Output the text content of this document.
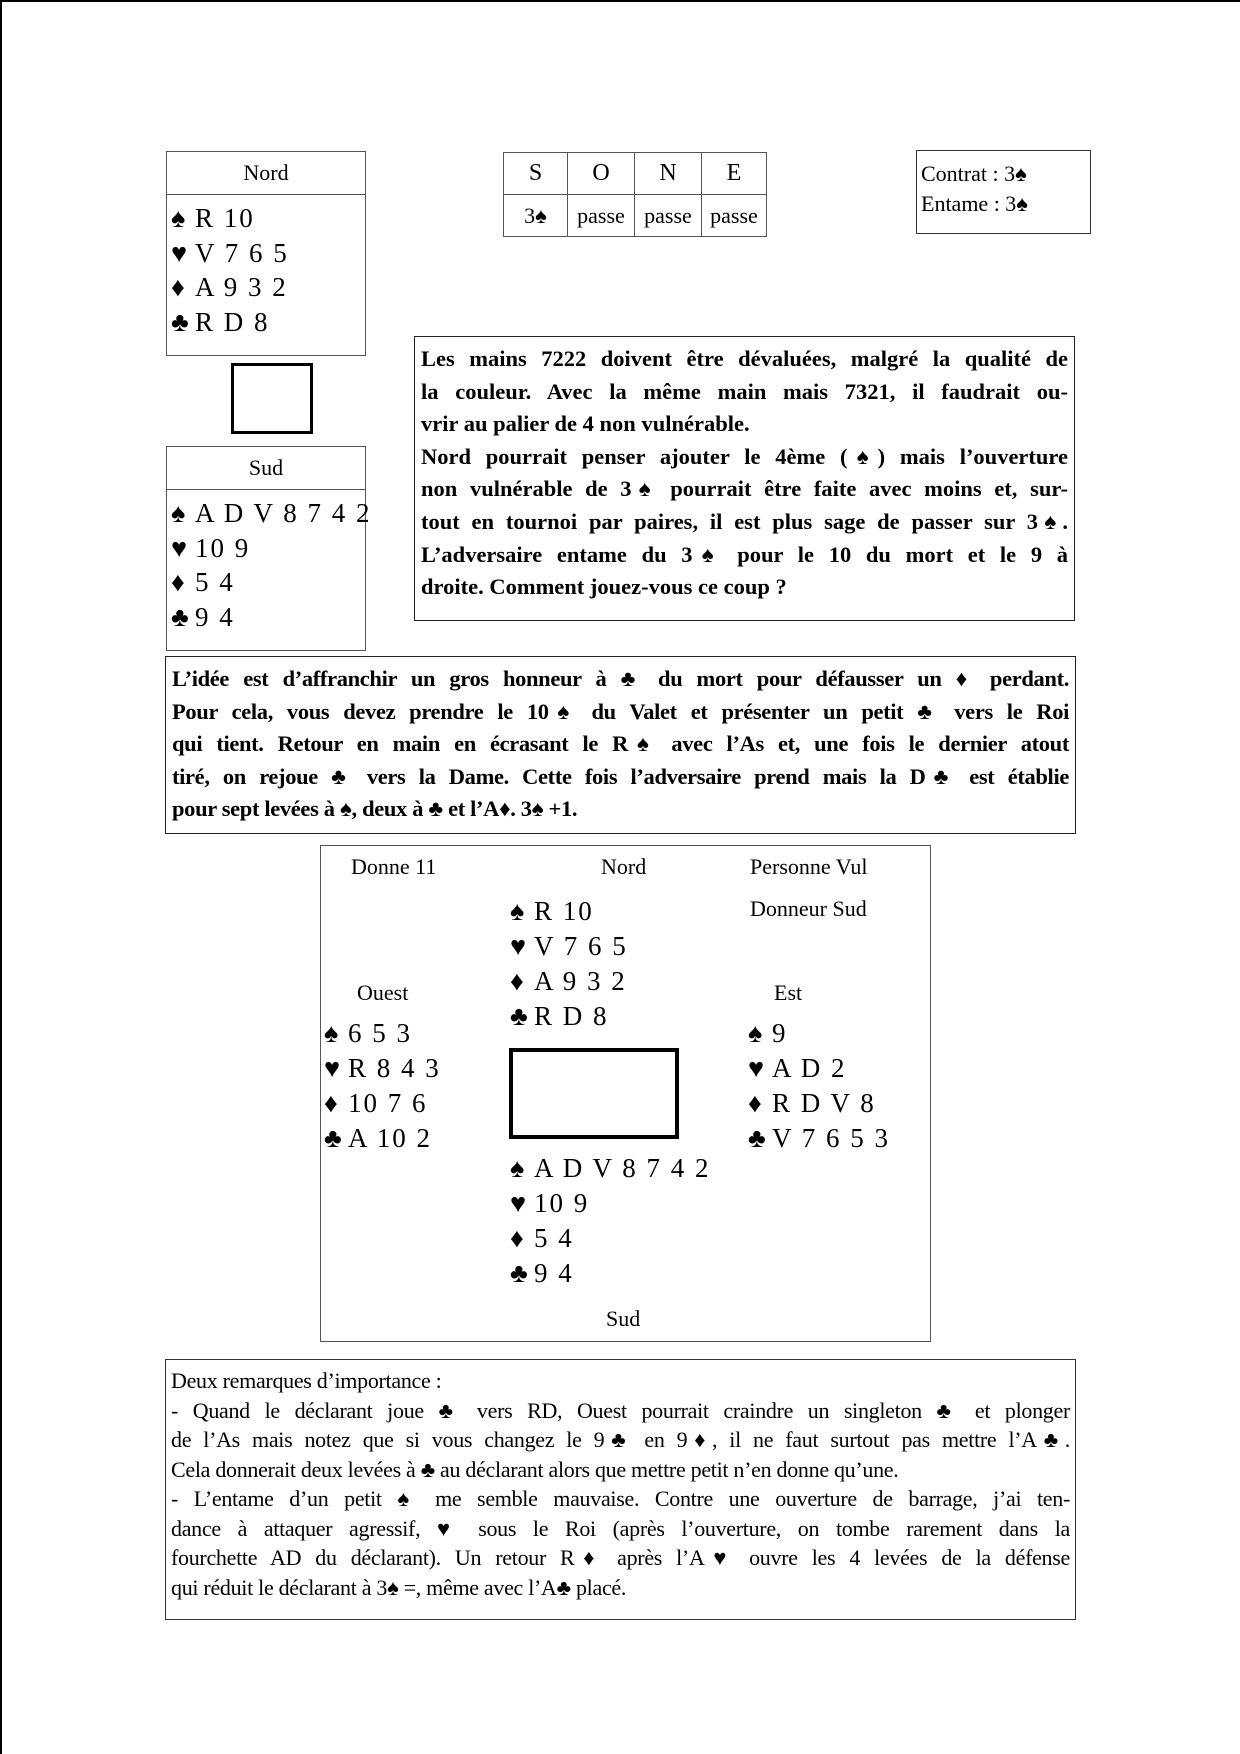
Nord
♠ R 10
♥ V 7 6 5
♦ A 9 3 2
♣ R D 8
Sud
♠ A D V 8 7 4 2
♥ 10 9
♦ 5 4
♣ 9 4
S	O	N	E
3♠	passe	passe	passe
Contrat : 3♠
Entame : 3♠
Les mains 7222 doivent être dévaluées, malgré la qualité de
la couleur. Avec la même main mais 7321, il faudrait ou-
vrir au palier de 4 non vulnérable.
Nord pourrait penser ajouter le 4ème (♠) mais l’ouverture
non vulnérable de 3♠ pourrait être faite avec moins et, sur-
tout en tournoi par paires, il est plus sage de passer sur 3♠.
L’adversaire entame du 3♠ pour le 10 du mort et le 9 à
droite. Comment jouez-vous ce coup ?
L’idée est d’affranchir un gros honneur à ♣ du mort pour défausser un ♦ perdant.
Pour cela, vous devez prendre le 10♠ du Valet et présenter un petit ♣ vers le Roi
qui tient. Retour en main en écrasant le R♠ avec l’As et, une fois le dernier atout
tiré, on rejoue ♣ vers la Dame. Cette fois l’adversaire prend mais la D♣ est établie
pour sept levées à ♠, deux à ♣ et l’A♦. 3♠ +1.
Donne 11	Nord	Personne Vul
Donneur Sud
Ouest	Est
Sud
♠ R 10
♥ V 7 6 5
♦ A 9 3 2
♣ R D 8
♠ 6 5 3
♥ R 8 4 3
♦ 10 7 6
♣ A 10 2
♠ 9
♥ A D 2
♦ R D V 8
♣ V 7 6 5 3
♠ A D V 8 7 4 2
♥ 10 9
♦ 5 4
♣ 9 4
Deux remarques d’importance :
- Quand le déclarant joue ♣ vers RD, Ouest pourrait craindre un singleton ♣ et plonger
de l’As mais notez que si vous changez le 9♣ en 9♦, il ne faut surtout pas mettre l’A♣.
Cela donnerait deux levées à ♣ au déclarant alors que mettre petit n’en donne qu’une.
- L’entame d’un petit ♠ me semble mauvaise. Contre une ouverture de barrage, j’ai ten-
dance à attaquer agressif, ♥ sous le Roi (après l’ouverture, on tombe rarement dans la
fourchette AD du déclarant). Un retour R♦ après l’A♥ ouvre les 4 levées de la défense
qui réduit le déclarant à 3♠ =, même avec l’A♣ placé.
